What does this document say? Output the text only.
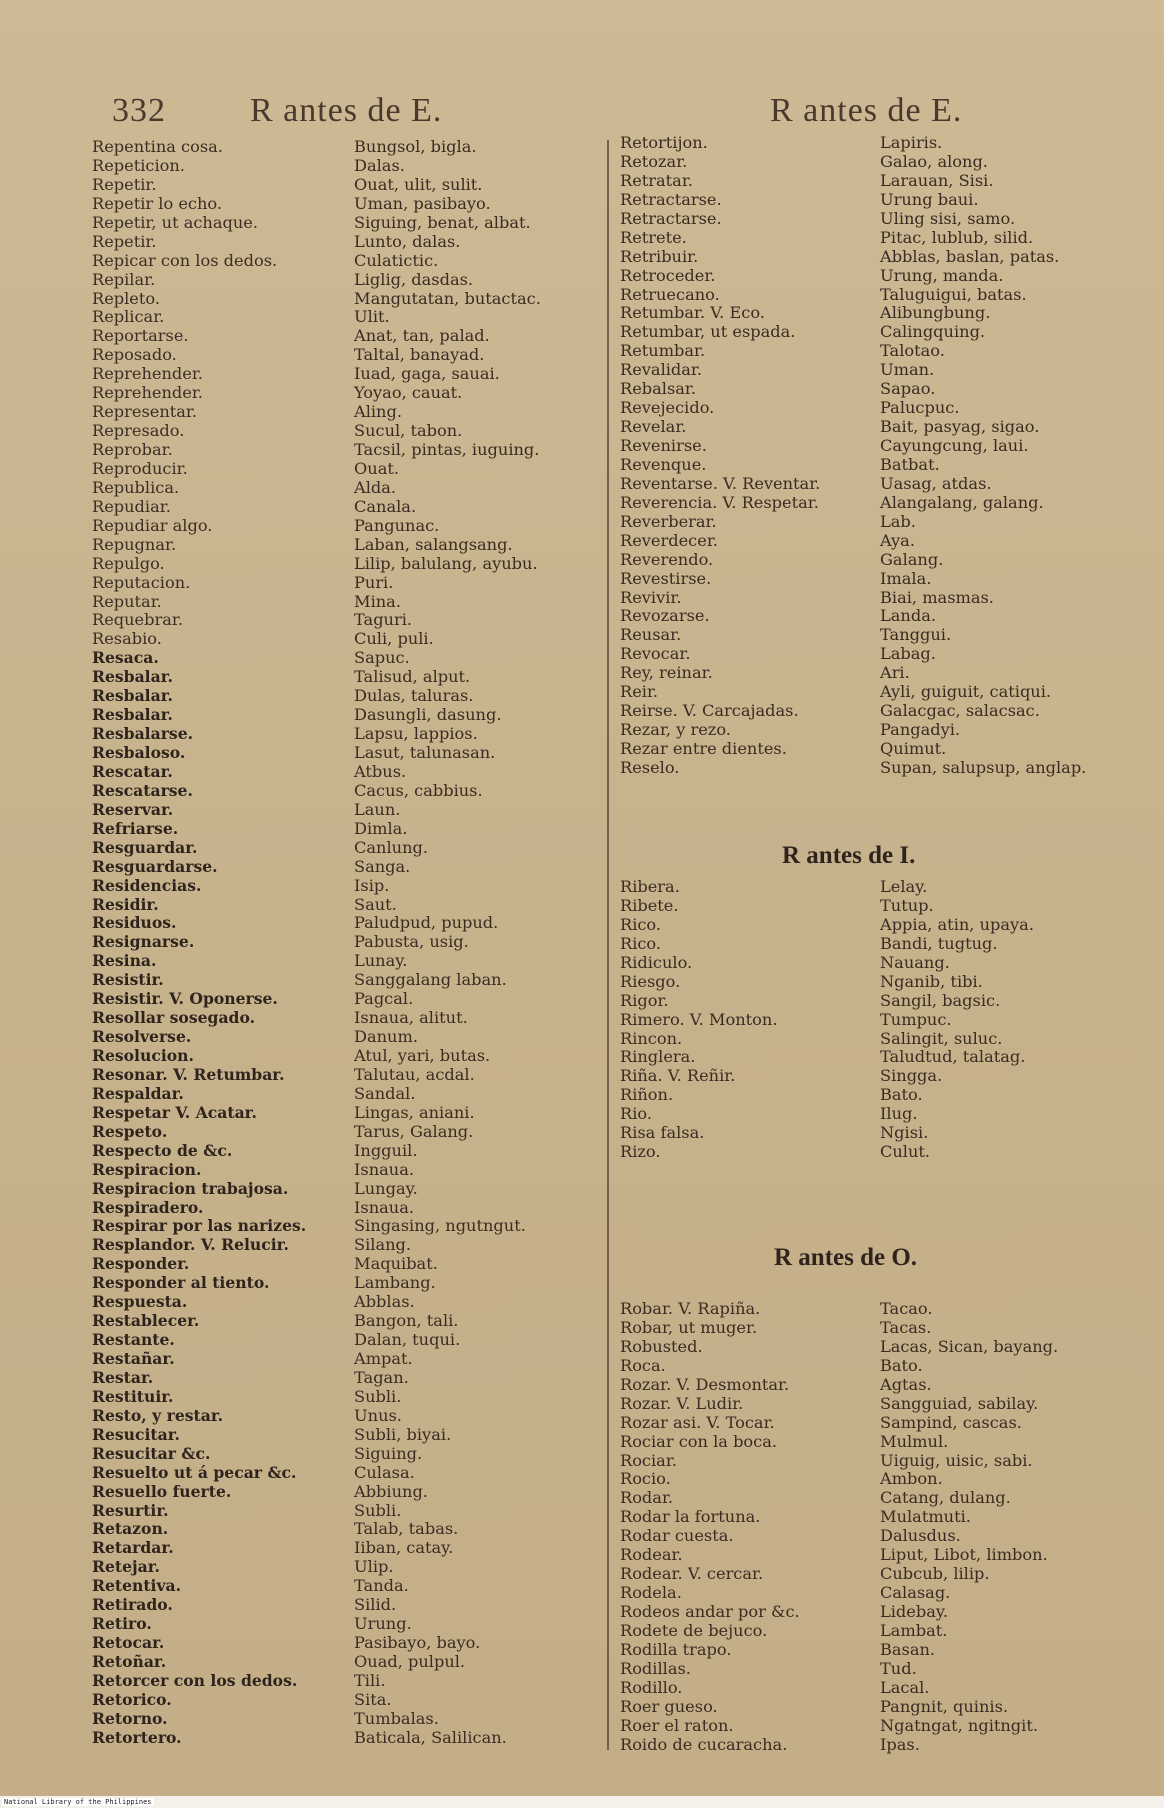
332 R antes de E.	R antes de E.
Repentina cosa.	Bungsol, bigla.
Repeticion.	Dalas.
Repetir.	Ouat, ulit, sulit.
Repetir lo echo.	Uman, pasibayo.
Repetir, ut achaque.	Siguing, benat, albat.
Repetir.	Lunto, dalas.
Repicar con los dedos.	Culatictic.
Repilar.	Liglig, dasdas.
Repleto.	Mangutatan, butactac.
Replicar.	Ulit.
Reportarse.	Anat, tan, palad.
Reposado.	Taltal, banayad.
Reprehender.	Iuad, gaga, sauai.
Reprehender.	Yoyao, cauat.
Representar.	Aling.
Represado.	Sucul, tabon.
Reprobar.	Tacsil, pintas, iuguing.
Reproducir.	Ouat.
Republica.	Alda.
Repudiar.	Canala.
Repudiar algo.	Pangunac.
Repugnar.	Laban, salangsang.
Repulgo.	Lilip, balulang, ayubu.
Reputacion.	Puri.
Reputar.	Mina.
Requebrar.	Taguri.
Resabio.	Culi, puli.
Resaca.	Sapuc.
Resbalar.	Talisud, alput.
Resbalar.	Dulas, taluras.
Resbalar.	Dasungli, dasung.
Resbalarse.	Lapsu, lappios.
Resbaloso.	Lasut, talunasan.
Rescatar.	Atbus.
Rescatarse.	Cacus, cabbius.
Reservar.	Laun.
Refriarse.	Dimla.
Resguardar.	Canlung.
Resguardarse.	Sanga.
Residencias.	Isip.
Residir.	Saut.
Residuos.	Paludpud, pupud.
Resignarse.	Pabusta, usig.
Resina.	Lunay.
Resistir.	Sanggalang laban.
Resistir. V. Oponerse.	Pagcal.
Resollar sosegado.	Isnaua, alitut.
Resolverse.	Danum.
Resolucion.	Atul, yari, butas.
Resonar. V. Retumbar.	Talutau, acdal.
Respaldar.	Sandal.
Respetar V. Acatar.	Lingas, aniani.
Respeto.	Tarus, Galang.
Respecto de &c.	Ingguil.
Respiracion.	Isnaua.
Respiracion trabajosa.	Lungay.
Respiradero.	Isnaua.
Respirar por las narizes.	Singasing, ngutngut.
Resplandor. V. Relucir.	Silang.
Responder.	Maquibat.
Responder al tiento.	Lambang.
Respuesta.	Abblas.
Restablecer.	Bangon, tali.
Restante.	Dalan, tuqui.
Restañar.	Ampat.
Restar.	Tagan.
Restituir.	Subli.
Resto, y restar.	Unus.
Resucitar.	Subli, biyai.
Resucitar &c.	Siguing.
Resuelto ut á pecar &c.	Culasa.
Resuello fuerte.	Abbiung.
Resurtir.	Subli.
Retazon.	Talab, tabas.
Retardar.	Iiban, catay.
Retejar.	Ulip.
Retentiva.	Tanda.
Retirado.	Silid.
Retiro.	Urung.
Retocar.	Pasibayo, bayo.
Retoñar.	Ouad, pulpul.
Retorcer con los dedos.	Tili.
Retorico.	Sita.
Retorno.	Tumbalas.
Retortero.	Baticala, Salilican.
Retortijon.	Lapiris.
Retozar.	Galao, along.
Retratar.	Larauan, Sisi.
Retractarse.	Urung baui.
Retractarse.	Uling sisi, samo.
Retrete.	Pitac, lublub, silid.
Retribuir.	Abblas, baslan, patas.
Retroceder.	Urung, manda.
Retruecano.	Taluguigui, batas.
Retumbar. V. Eco.	Alibungbung.
Retumbar, ut espada.	Calingquing.
Retumbar.	Talotao.
Revalidar.	Uman.
Rebalsar.	Sapao.
Revejecido.	Palucpuc.
Revelar.	Bait, pasyag, sigao.
Revenirse.	Cayungcung, laui.
Revenque.	Batbat.
Reventarse. V. Reventar.	Uasag, atdas.
Reverencia. V. Respetar.	Alangalang, galang.
Reverberar.	Lab.
Reverdecer.	Aya.
Reverendo.	Galang.
Revestirse.	Imala.
Revivir.	Biai, masmas.
Revozarse.	Landa.
Reusar.	Tanggui.
Revocar.	Labag.
Rey, reinar.	Ari.
Reir.	Ayli, guiguit, catiqui.
Reirse. V. Carcajadas.	Galacgac, salacsac.
Rezar, y rezo.	Pangadyi.
Rezar entre dientes.	Quimut.
Reselo.	Supan, salupsup, anglap.
R antes de I.
Ribera.	Lelay.
Ribete.	Tutup.
Rico.	Appia, atin, upaya.
Rico.	Bandi, tugtug.
Ridiculo.	Nauang.
Riesgo.	Nganib, tibi.
Rigor.	Sangil, bagsic.
Rimero. V. Monton.	Tumpuc.
Rincon.	Salingit, suluc.
Ringlera.	Taludtud, talatag.
Riña. V. Reñir.	Singga.
Riñon.	Bato.
Rio.	Ilug.
Risa falsa.	Ngisi.
Rizo.	Culut.
R antes de O.
Robar. V. Rapiña.	Tacao.
Robar, ut muger.	Tacas.
Robusted.	Lacas, Sican, bayang.
Roca.	Bato.
Rozar. V. Desmontar.	Agtas.
Rozar. V. Ludir.	Sangguiad, sabilay.
Rozar asi. V. Tocar.	Sampind, cascas.
Rociar con la boca.	Mulmul.
Rociar.	Uiguig, uisic, sabi.
Rocio.	Ambon.
Rodar.	Catang, dulang.
Rodar la fortuna.	Mulatmuti.
Rodar cuesta.	Dalusdus.
Rodear.	Liput, Libot, limbon.
Rodear. V. cercar.	Cubcub, lilip.
Rodela.	Calasag.
Rodeos andar por &c.	Lidebay.
Rodete de bejuco.	Lambat.
Rodilla trapo.	Basan.
Rodillas.	Tud.
Rodillo.	Lacal.
Roer gueso.	Pangnit, quinis.
Roer el raton.	Ngatngat, ngitngit.
Roido de cucaracha.	Ipas.
National Library of the Philippines
